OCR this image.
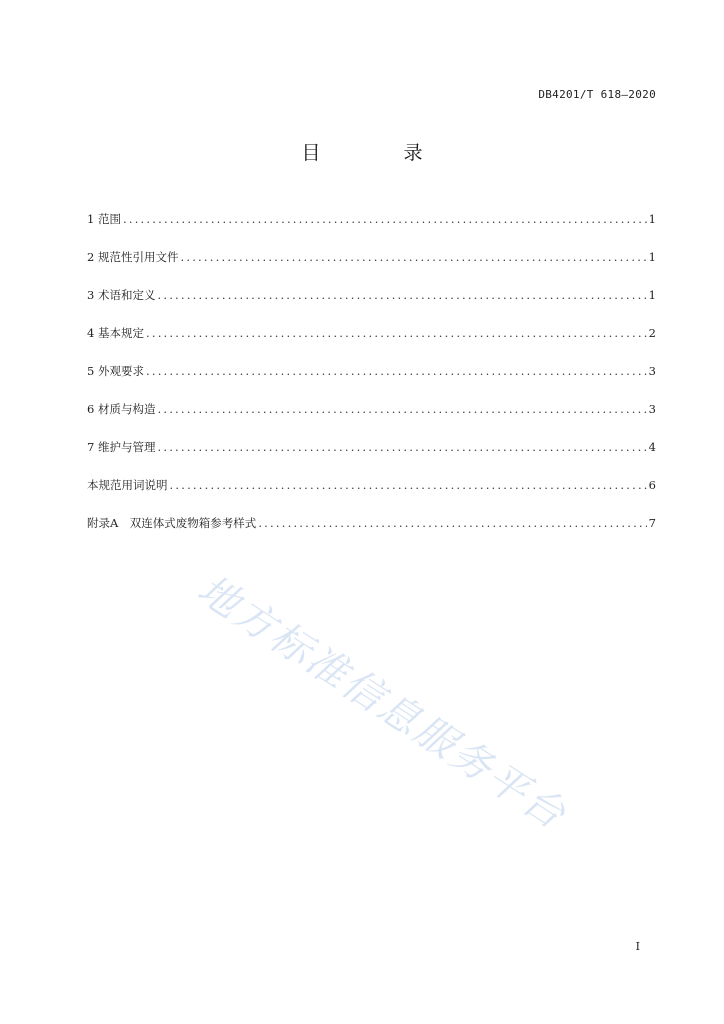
DB4201/T 618—2020
目　录
1 范围 .....	1
2 规范性引用文件 .....	1
3 术语和定义 .....	1
4 基本规定 .....	2
5 外观要求 .....	3
6 材质与构造 .....	3
7 维护与管理 .....	4
本规范用词说明 .....	6
附录A　双连体式废物箱参考样式 .....	7
地方标准信息服务平台
I
